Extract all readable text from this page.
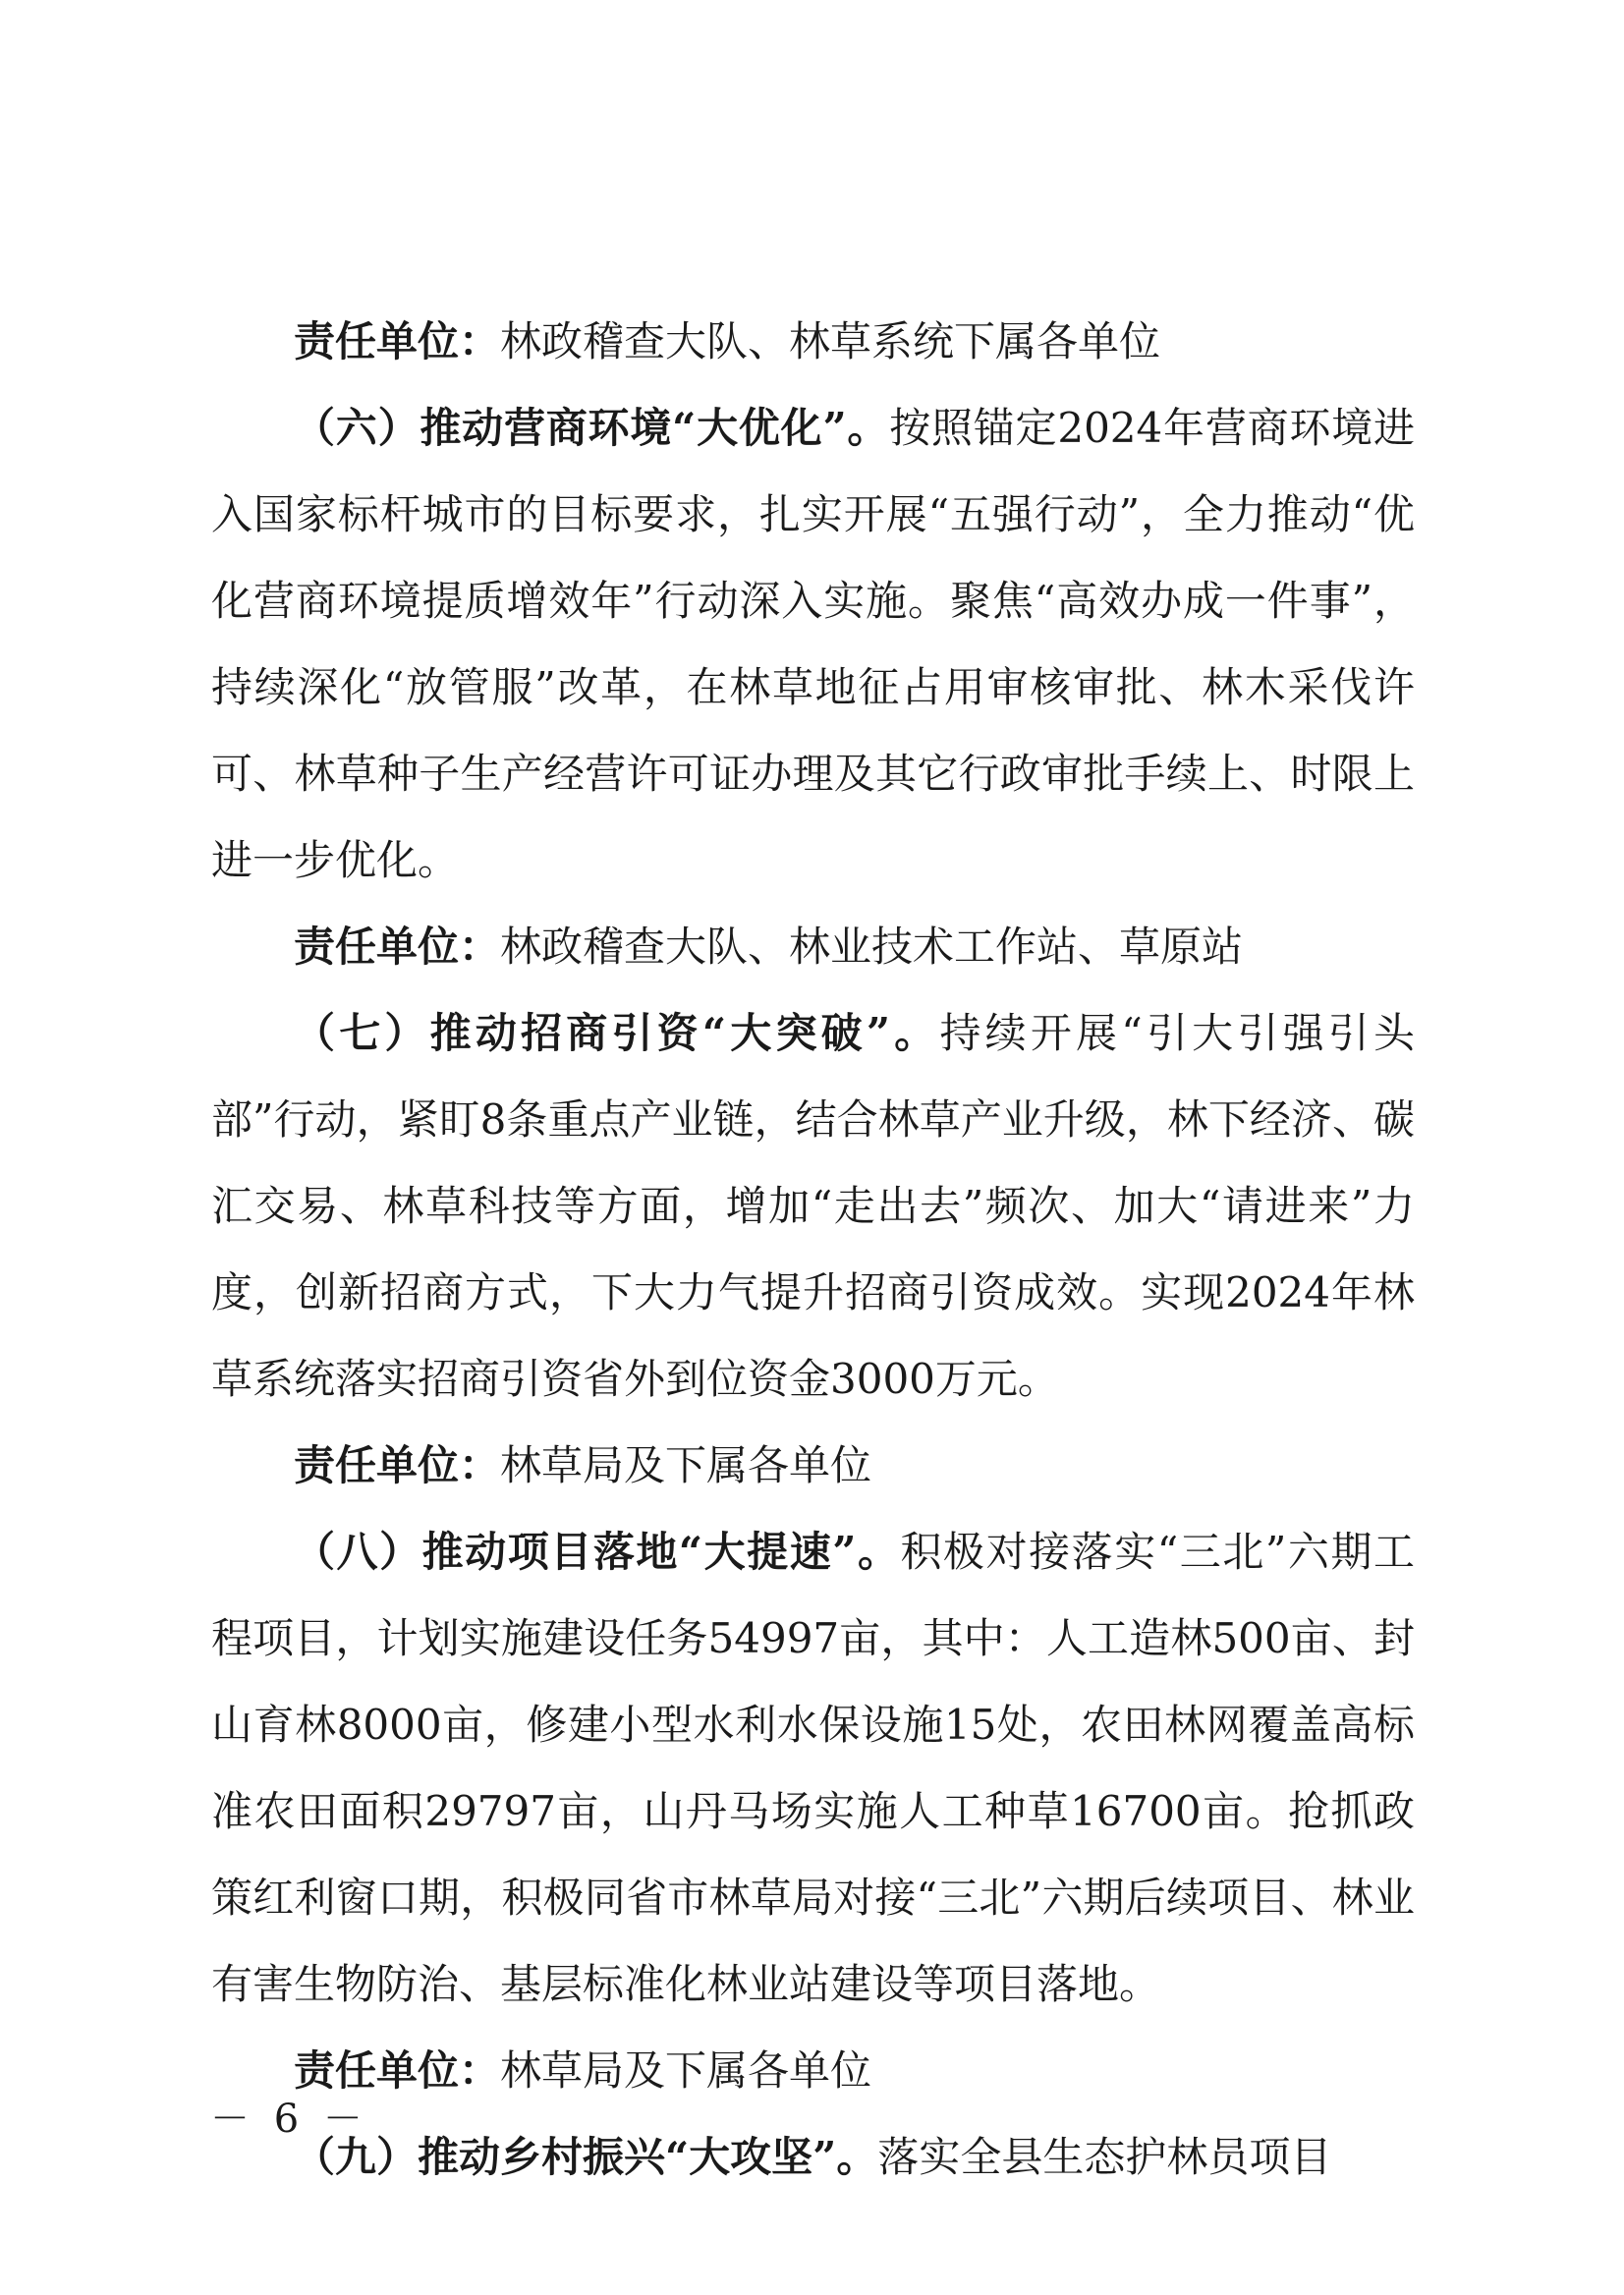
责任单位：林政稽查大队、林草系统下属各单位

（六）推动营商环境“大优化”。按照锚定2024年营商环境进入国家标杆城市的目标要求，扎实开展“五强行动”，全力推动“优化营商环境提质增效年”行动深入实施。聚焦“高效办成一件事”，持续深化“放管服”改革，在林草地征占用审核审批、林木采伐许可、林草种子生产经营许可证办理及其它行政审批手续上、时限上进一步优化。

责任单位：林政稽查大队、林业技术工作站、草原站

（七）推动招商引资“大突破”。持续开展“引大引强引头部”行动，紧盯8条重点产业链，结合林草产业升级，林下经济、碳汇交易、林草科技等方面，增加“走出去”频次、加大“请进来”力度，创新招商方式，下大力气提升招商引资成效。实现2024年林草系统落实招商引资省外到位资金3000万元。

责任单位：林草局及下属各单位

（八）推动项目落地“大提速”。积极对接落实“三北”六期工程项目，计划实施建设任务54997亩，其中：人工造林500亩、封山育林8000亩，修建小型水利水保设施15处，农田林网覆盖高标准农田面积29797亩，山丹马场实施人工种草16700亩。抢抓政策红利窗口期，积极同省市林草局对接“三北”六期后续项目、林业有害生物防治、基层标准化林业站建设等项目落地。

责任单位：林草局及下属各单位

（九）推动乡村振兴“大攻坚”。落实全县生态护林员项目

－ 6 －
